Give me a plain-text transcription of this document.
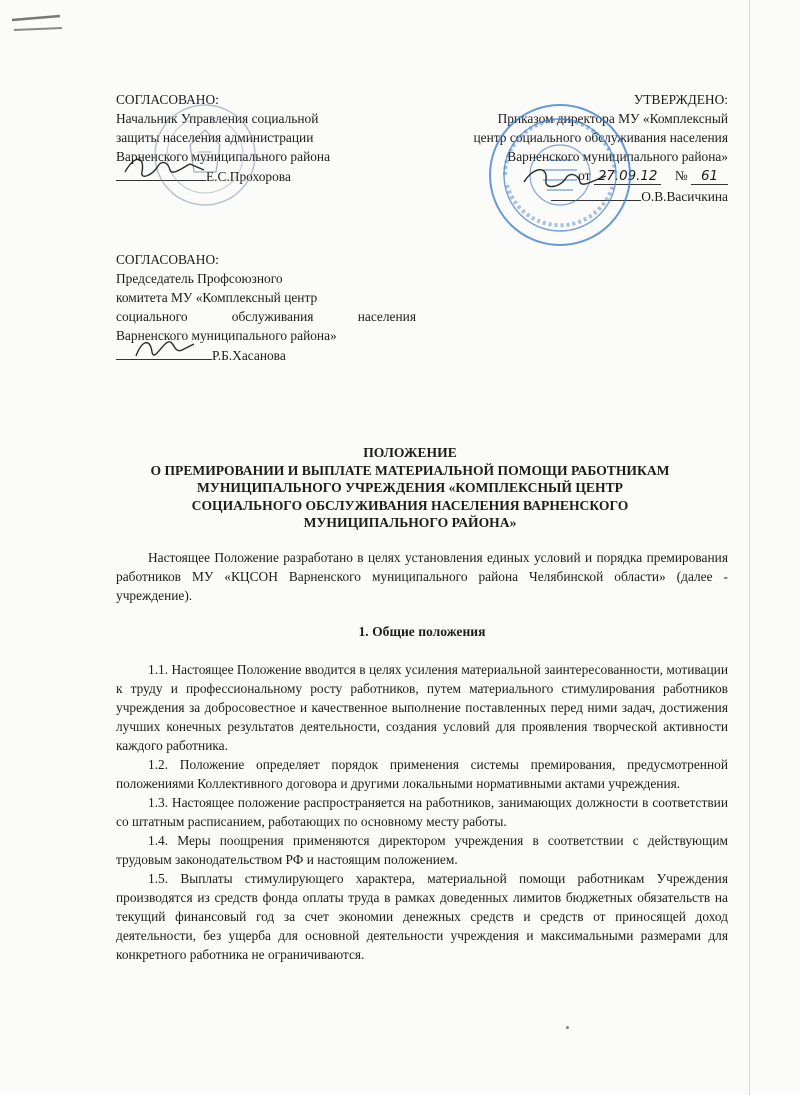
СОГЛАСОВАНО:
Начальник Управления социальной
защиты населения администрации
Варненского муниципального района
Е.С.Прохорова
УТВЕРЖДЕНО:
Приказом директора МУ «Комплексный
центр социального обслуживания населения
Варненского муниципального района»
от 27.09.12 № 61
О.В.Васичкина
СОГЛАСОВАНО:
Председатель Профсоюзного
комитета МУ «Комплексный центр
социального обслуживания населения
Варненского муниципального района»
Р.Б.Хасанова
ПОЛОЖЕНИЕ
О ПРЕМИРОВАНИИ И ВЫПЛАТЕ МАТЕРИАЛЬНОЙ ПОМОЩИ РАБОТНИКАМ
МУНИЦИПАЛЬНОГО УЧРЕЖДЕНИЯ «КОМПЛЕКСНЫЙ ЦЕНТР
СОЦИАЛЬНОГО ОБСЛУЖИВАНИЯ НАСЕЛЕНИЯ ВАРНЕНСКОГО
МУНИЦИПАЛЬНОГО РАЙОНА»

Настоящее Положение разработано в целях установления единых условий и порядка премирования работников МУ «КЦСОН Варненского муниципального района Челябинской области» (далее - учреждение).

1. Общие положения

1.1. Настоящее Положение вводится в целях усиления материальной заинтересованности, мотивации к труду и профессиональному росту работников, путем материального стимулирования работников учреждения за добросовестное и качественное выполнение поставленных перед ними задач, достижения лучших конечных результатов деятельности, создания условий для проявления творческой активности каждого работника.

1.2. Положение определяет порядок применения системы премирования, предусмотренной положениями Коллективного договора и другими локальными нормативными актами учреждения.

1.3. Настоящее положение распространяется на работников, занимающих должности в соответствии со штатным расписанием, работающих по основному месту работы.

1.4. Меры поощрения применяются директором учреждения в соответствии с действующим трудовым законодательством РФ и настоящим положением.

1.5. Выплаты стимулирующего характера, материальной помощи работникам Учреждения производятся из средств фонда оплаты труда в рамках доведенных лимитов бюджетных обязательств на текущий финансовый год за счет экономии денежных средств и средств от приносящей доход деятельности, без ущерба для основной деятельности учреждения и максимальными размерами для конкретного работника не ограничиваются.
